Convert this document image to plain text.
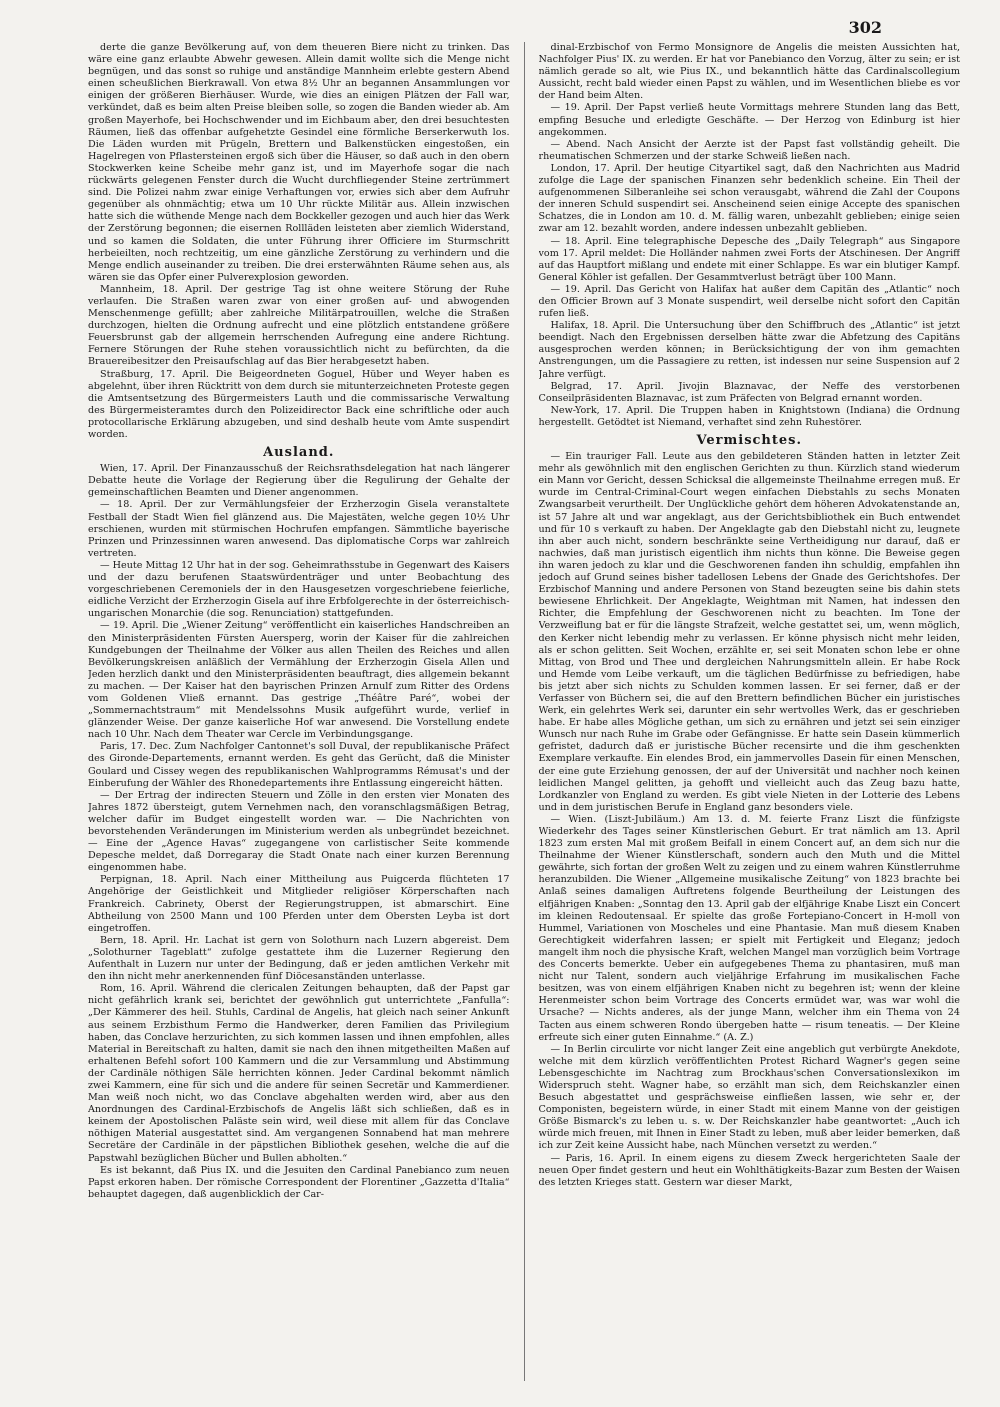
302

derte die ganze Bevölkerung auf, von dem theueren Biere nicht zu trinken. Das wäre eine ganz erlaubte Abwehr gewesen. Allein damit wollte sich die Menge nicht begnügen, und das sonst so ruhige und anständige Mannheim erlebte gestern Abend einen scheußlichen Bierkrawall. Von etwa 8½ Uhr an begannen Ansammlungen vor einigen der größeren Bierhäuser. Wurde, wie dies an einigen Plätzen der Fall war, verkündet, daß es beim alten Preise bleiben solle, so zogen die Banden wieder ab. Am großen Mayerhofe, bei Hochschwender und im Eichbaum aber, den drei besuchtesten Räumen, ließ das offenbar aufgehetzte Gesindel eine förmliche Berserkerwuth los. Die Läden wurden mit Prügeln, Brettern und Balkenstücken eingestoßen, ein Hagelregen von Pflastersteinen ergoß sich über die Häuser, so daß auch in den obern Stockwerken keine Scheibe mehr ganz ist, und im Mayerhofe sogar die nach rückwärts gelegenen Fenster durch die Wucht durchfliegender Steine zertrümmert sind. Die Polizei nahm zwar einige Verhaftungen vor, erwies sich aber dem Aufruhr gegenüber als ohnmächtig; etwa um 10 Uhr rückte Militär aus. Allein inzwischen hatte sich die wüthende Menge nach dem Bockkeller gezogen und auch hier das Werk der Zerstörung begonnen; die eisernen Rollläden leisteten aber ziemlich Widerstand, und so kamen die Soldaten, die unter Führung ihrer Officiere im Sturmschritt herbeieilten, noch rechtzeitig, um eine gänzliche Zerstörung zu verhindern und die Menge endlich auseinander zu treiben. Die drei ersterwähnten Räume sehen aus, als wären sie das Opfer einer Pulverexplosion geworden.

Mannheim, 18. April. Der gestrige Tag ist ohne weitere Störung der Ruhe verlaufen. Die Straßen waren zwar von einer großen auf- und abwogenden Menschenmenge gefüllt; aber zahlreiche Militärpatrouillen, welche die Straßen durchzogen, hielten die Ordnung aufrecht und eine plötzlich entstandene größere Feuersbrunst gab der allgemein herrschenden Aufregung eine andere Richtung. Fernere Störungen der Ruhe stehen voraussichtlich nicht zu befürchten, da die Brauereibesitzer den Preisaufschlag auf das Bier herabgesetzt haben.

Straßburg, 17. April. Die Beigeordneten Goguel, Hüber und Weyer haben es abgelehnt, über ihren Rücktritt von dem durch sie mitunterzeichneten Proteste gegen die Amtsentsetzung des Bürgermeisters Lauth und die commissarische Verwaltung des Bürgermeisteramtes durch den Polizeidirector Back eine schriftliche oder auch protocollarische Erklärung abzugeben, und sind deshalb heute vom Amte suspendirt worden.

Ausland.

Wien, 17. April. Der Finanzausschuß der Reichsrathsdelegation hat nach längerer Debatte heute die Vorlage der Regierung über die Regulirung der Gehalte der gemeinschaftlichen Beamten und Diener angenommen.

— 18. April. Der zur Vermählungsfeier der Erzherzogin Gisela veranstaltete Festball der Stadt Wien fiel glänzend aus. Die Majestäten, welche gegen 10½ Uhr erschienen, wurden mit stürmischen Hochrufen empfangen. Sämmtliche bayerische Prinzen und Prinzessinnen waren anwesend. Das diplomatische Corps war zahlreich vertreten.

— Heute Mittag 12 Uhr hat in der sog. Geheimrathsstube in Gegenwart des Kaisers und der dazu berufenen Staatswürdenträger und unter Beobachtung des vorgeschriebenen Ceremoniels der in den Hausgesetzen vorgeschriebene feierliche, eidliche Verzicht der Erzherzogin Gisela auf ihre Erbfolgerechte in der österreichisch-ungarischen Monarchie (die sog. Renunciation) stattgefunden.

— 19. April. Die „Wiener Zeitung“ veröffentlicht ein kaiserliches Handschreiben an den Ministerpräsidenten Fürsten Auersperg, worin der Kaiser für die zahlreichen Kundgebungen der Theilnahme der Völker aus allen Theilen des Reiches und allen Bevölkerungskreisen anläßlich der Vermählung der Erzherzogin Gisela Allen und Jeden herzlich dankt und den Ministerpräsidenten beauftragt, dies allgemein bekannt zu machen. — Der Kaiser hat den bayrischen Prinzen Arnulf zum Ritter des Ordens vom Goldenen Vließ ernannt. Das gestrige „Théâtre Paré“, wobei der „Sommernachtstraum“ mit Mendelssohns Musik aufgeführt wurde, verlief in glänzender Weise. Der ganze kaiserliche Hof war anwesend. Die Vorstellung endete nach 10 Uhr. Nach dem Theater war Cercle im Verbindungsgange.

Paris, 17. Dec. Zum Nachfolger Cantonnet's soll Duval, der republikanische Präfect des Gironde-Departements, ernannt werden. Es geht das Gerücht, daß die Minister Goulard und Cissey wegen des republikanischen Wahlprogramms Rémusat's und der Einberufung der Wähler des Rhonedepartements ihre Entlassung eingereicht hätten.

— Der Ertrag der indirecten Steuern und Zölle in den ersten vier Monaten des Jahres 1872 übersteigt, gutem Vernehmen nach, den voranschlagsmäßigen Betrag, welcher dafür im Budget eingestellt worden war. — Die Nachrichten von bevorstehenden Veränderungen im Ministerium werden als unbegründet bezeichnet. — Eine der „Agence Havas“ zugegangene von carlistischer Seite kommende Depesche meldet, daß Dorregaray die Stadt Onate nach einer kurzen Berennung eingenommen habe.

Perpignan, 18. April. Nach einer Mittheilung aus Puigcerda flüchteten 17 Angehörige der Geistlichkeit und Mitglieder religiöser Körperschaften nach Frankreich. Cabrinety, Oberst der Regierungstruppen, ist abmarschirt. Eine Abtheilung von 2500 Mann und 100 Pferden unter dem Obersten Leyba ist dort eingetroffen.

Bern, 18. April. Hr. Lachat ist gern von Solothurn nach Luzern abgereist. Dem „Solothurner Tageblatt“ zufolge gestattete ihm die Luzerner Regierung den Aufenthalt in Luzern nur unter der Bedingung, daß er jeden amtlichen Verkehr mit den ihn nicht mehr anerkennenden fünf Diöcesanständen unterlasse.

Rom, 16. April. Während die clericalen Zeitungen behaupten, daß der Papst gar nicht gefährlich krank sei, berichtet der gewöhnlich gut unterrichtete „Fanfulla“: „Der Kämmerer des heil. Stuhls, Cardinal de Angelis, hat gleich nach seiner Ankunft aus seinem Erzbisthum Fermo die Handwerker, deren Familien das Privilegium haben, das Conclave herzurichten, zu sich kommen lassen und ihnen empfohlen, alles Material in Bereitschaft zu halten, damit sie nach den ihnen mitgetheilten Maßen auf erhaltenen Befehl sofort 100 Kammern und die zur Versammlung und Abstimmung der Cardinäle nöthigen Säle herrichten können. Jeder Cardinal bekommt nämlich zwei Kammern, eine für sich und die andere für seinen Secretär und Kammerdiener. Man weiß noch nicht, wo das Conclave abgehalten werden wird, aber aus den Anordnungen des Cardinal-Erzbischofs de Angelis läßt sich schließen, daß es in keinem der Apostolischen Paläste sein wird, weil diese mit allem für das Conclave nöthigen Material ausgestattet sind. Am vergangenen Sonnabend hat man mehrere Secretäre der Cardinäle in der päpstlichen Bibliothek gesehen, welche die auf die Papstwahl bezüglichen Bücher und Bullen abholten.“

Es ist bekannt, daß Pius IX. und die Jesuiten den Cardinal Panebianco zum neuen Papst erkoren haben. Der römische Correspondent der Florentiner „Gazzetta d'Italia“ behauptet dagegen, daß augenblicklich der Car-

dinal-Erzbischof von Fermo Monsignore de Angelis die meisten Aussichten hat, Nachfolger Pius' IX. zu werden. Er hat vor Panebianco den Vorzug, älter zu sein; er ist nämlich gerade so alt, wie Pius IX., und bekanntlich hätte das Cardinalscollegium Aussicht, recht bald wieder einen Papst zu wählen, und im Wesentlichen bliebe es vor der Hand beim Alten.

— 19. April. Der Papst verließ heute Vormittags mehrere Stunden lang das Bett, empfing Besuche und erledigte Geschäfte. — Der Herzog von Edinburg ist hier angekommen.

— Abend. Nach Ansicht der Aerzte ist der Papst fast vollständig geheilt. Die rheumatischen Schmerzen und der starke Schweiß ließen nach.

London, 17. April. Der heutige Cityartikel sagt, daß den Nachrichten aus Madrid zufolge die Lage der spanischen Finanzen sehr bedenklich scheine. Ein Theil der aufgenommenen Silberanleihe sei schon verausgabt, während die Zahl der Coupons der inneren Schuld suspendirt sei. Anscheinend seien einige Accepte des spanischen Schatzes, die in London am 10. d. M. fällig waren, unbezahlt geblieben; einige seien zwar am 12. bezahlt worden, andere indessen unbezahlt geblieben.

— 18. April. Eine telegraphische Depesche des „Daily Telegraph“ aus Singapore vom 17. April meldet: Die Holländer nahmen zwei Forts der Atschinesen. Der Angriff auf das Hauptfort mißlang und endete mit einer Schlappe. Es war ein blutiger Kampf. General Köhler ist gefallen. Der Gesammtverlust beträgt über 100 Mann.

— 19. April. Das Gericht von Halifax hat außer dem Capitän des „Atlantic“ noch den Officier Brown auf 3 Monate suspendirt, weil derselbe nicht sofort den Capitän rufen ließ.

Halifax, 18. April. Die Untersuchung über den Schiffbruch des „Atlantic“ ist jetzt beendigt. Nach den Ergebnissen derselben hätte zwar die Abfetzung des Capitäns ausgesprochen werden können; in Berücksichtigung der von ihm gemachten Anstrengungen, um die Passagiere zu retten, ist indessen nur seine Suspension auf 2 Jahre verfügt.

Belgrad, 17. April. Jivojin Blaznavac, der Neffe des verstorbenen Conseilpräsidenten Blaznavac, ist zum Präfecten von Belgrad ernannt worden.

New-York, 17. April. Die Truppen haben in Knightstown (Indiana) die Ordnung hergestellt. Getödtet ist Niemand, verhaftet sind zehn Ruhestörer.

Vermischtes.

— Ein trauriger Fall. Leute aus den gebildeteren Ständen hatten in letzter Zeit mehr als gewöhnlich mit den englischen Gerichten zu thun. Kürzlich stand wiederum ein Mann vor Gericht, dessen Schicksal die allgemeinste Theilnahme erregen muß. Er wurde im Central-Criminal-Court wegen einfachen Diebstahls zu sechs Monaten Zwangsarbeit verurtheilt. Der Unglückliche gehört dem höheren Advokatenstande an, ist 57 Jahre alt und war angeklagt, aus der Gerichtsbibliothek ein Buch entwendet und für 10 s verkauft zu haben. Der Angeklagte gab den Diebstahl nicht zu, leugnete ihn aber auch nicht, sondern beschränkte seine Vertheidigung nur darauf, daß er nachwies, daß man juristisch eigentlich ihm nichts thun könne. Die Beweise gegen ihn waren jedoch zu klar und die Geschworenen fanden ihn schuldig, empfahlen ihn jedoch auf Grund seines bisher tadellosen Lebens der Gnade des Gerichtshofes. Der Erzbischof Manning und andere Personen von Stand bezeugten seine bis dahin stets bewiesene Ehrlichkeit. Der Angeklagte, Weightman mit Namen, hat indessen den Richter, die Empfehlung der Geschworenen nicht zu beachten. Im Tone der Verzweiflung bat er für die längste Strafzeit, welche gestattet sei, um, wenn möglich, den Kerker nicht lebendig mehr zu verlassen. Er könne physisch nicht mehr leiden, als er schon gelitten. Seit Wochen, erzählte er, sei seit Monaten schon lebe er ohne Mittag, von Brod und Thee und dergleichen Nahrungsmitteln allein. Er habe Rock und Hemde vom Leibe verkauft, um die täglichen Bedürfnisse zu befriedigen, habe bis jetzt aber sich nichts zu Schulden kommen lassen. Er sei ferner, daß er der Verfasser von Büchern sei, die auf den Brettern befindlichen Bücher ein juristisches Werk, ein gelehrtes Werk sei, darunter ein sehr wertvolles Werk, das er geschrieben habe. Er habe alles Mögliche gethan, um sich zu ernähren und jetzt sei sein einziger Wunsch nur nach Ruhe im Grabe oder Gefängnisse. Er hatte sein Dasein kümmerlich gefristet, dadurch daß er juristische Bücher recensirte und die ihm geschenkten Exemplare verkaufte. Ein elendes Brod, ein jammervolles Dasein für einen Menschen, der eine gute Erziehung genossen, der auf der Universität und nachher noch keinen leidlichen Mangel gelitten, ja gehofft und vielleicht auch das Zeug bazu hatte, Lordkanzler von England zu werden. Es gibt viele Nieten in der Lotterie des Lebens und in dem juristischen Berufe in England ganz besonders viele.

— Wien. (Liszt-Jubiläum.) Am 13. d. M. feierte Franz Liszt die fünfzigste Wiederkehr des Tages seiner Künstlerischen Geburt. Er trat nämlich am 13. April 1823 zum ersten Mal mit großem Beifall in einem Concert auf, an dem sich nur die Theilnahme der Wiener Künstlerschaft, sondern auch den Muth und die Mittel gewährte, sich fortan der großen Welt zu zeigen und zu einem wahren Künstlerruhme heranzubilden. Die Wiener „Allgemeine musikalische Zeitung“ von 1823 brachte bei Anlaß seines damaligen Auftretens folgende Beurtheilung der Leistungen des elfjährigen Knaben: „Sonntag den 13. April gab der elfjährige Knabe Liszt ein Concert im kleinen Redoutensaal. Er spielte das große Fortepiano-Concert in H-moll von Hummel, Variationen von Moscheles und eine Phantasie. Man muß diesem Knaben Gerechtigkeit widerfahren lassen; er spielt mit Fertigkeit und Eleganz; jedoch mangelt ihm noch die physische Kraft, welchen Mangel man vorzüglich beim Vortrage des Concerts bemerkte. Ueber ein aufgegebenes Thema zu phantasiren, muß man nicht nur Talent, sondern auch vieljährige Erfahrung im musikalischen Fache besitzen, was von einem elfjährigen Knaben nicht zu begehren ist; wenn der kleine Herenmeister schon beim Vortrage des Concerts ermüdet war, was war wohl die Ursache? — Nichts anderes, als der junge Mann, welcher ihm ein Thema von 24 Tacten aus einem schweren Rondo übergeben hatte — risum teneatis. — Der Kleine erfreute sich einer guten Einnahme.“ (A. Z.)

— In Berlin circulirte vor nicht langer Zeit eine angeblich gut verbürgte Anekdote, welche mit dem kürzlich veröffentlichten Protest Richard Wagner's gegen seine Lebensgeschichte im Nachtrag zum Brockhaus'schen Conversationslexikon im Widerspruch steht. Wagner habe, so erzählt man sich, dem Reichskanzler einen Besuch abgestattet und gesprächsweise einfließen lassen, wie sehr er, der Componisten, begeistern würde, in einer Stadt mit einem Manne von der geistigen Größe Bismarck's zu leben u. s. w. Der Reichskanzler habe geantwortet: „Auch ich würde mich freuen, mit Ihnen in Einer Stadt zu leben, muß aber leider bemerken, daß ich zur Zeit keine Aussicht habe, nach München versetzt zu werden.“

— Paris, 16. April. In einem eigens zu diesem Zweck hergerichteten Saale der neuen Oper findet gestern und heut ein Wohlthätigkeits-Bazar zum Besten der Waisen des letzten Krieges statt. Gestern war dieser Markt,
